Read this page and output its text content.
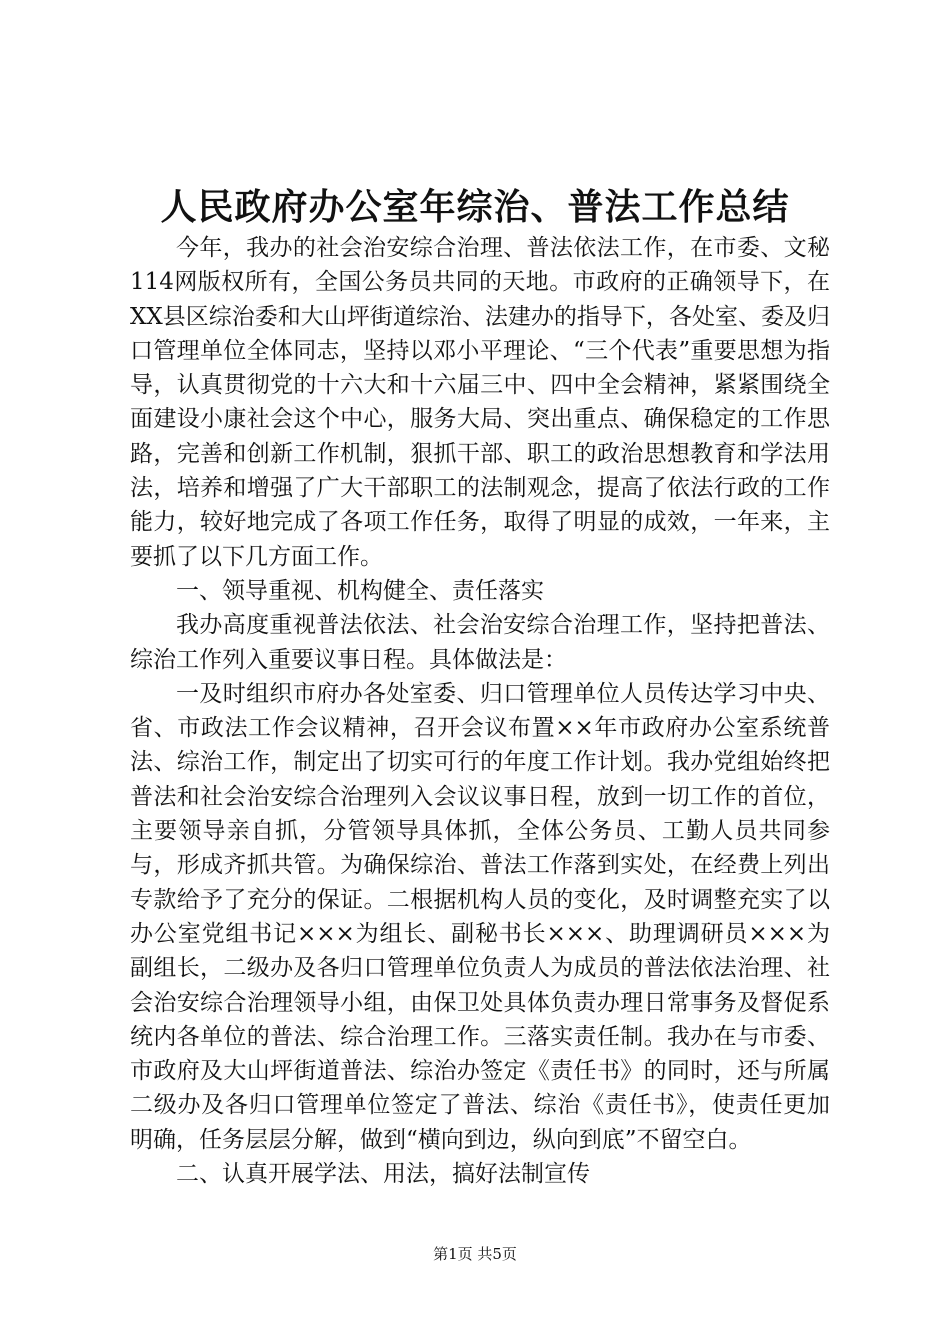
人民政府办公室年综治、普法工作总结

今年，我办的社会治安综合治理、普法依法工作，在市委、文秘114网版权所有，全国公务员共同的天地。市政府的正确领导下，在XX县区综治委和大山坪街道综治、法建办的指导下，各处室、委及归口管理单位全体同志，坚持以邓小平理论、“三个代表”重要思想为指导，认真贯彻党的十六大和十六届三中、四中全会精神，紧紧围绕全面建设小康社会这个中心，服务大局、突出重点、确保稳定的工作思路，完善和创新工作机制，狠抓干部、职工的政治思想教育和学法用法，培养和增强了广大干部职工的法制观念，提高了依法行政的工作能力，较好地完成了各项工作任务，取得了明显的成效，一年来，主要抓了以下几方面工作。

一、领导重视、机构健全、责任落实

我办高度重视普法依法、社会治安综合治理工作，坚持把普法、综治工作列入重要议事日程。具体做法是：

一及时组织市府办各处室委、归口管理单位人员传达学习中央、省、市政法工作会议精神，召开会议布置××年市政府办公室系统普法、综治工作，制定出了切实可行的年度工作计划。我办党组始终把普法和社会治安综合治理列入会议议事日程，放到一切工作的首位，主要领导亲自抓，分管领导具体抓，全体公务员、工勤人员共同参与，形成齐抓共管。为确保综治、普法工作落到实处，在经费上列出专款给予了充分的保证。二根据机构人员的变化，及时调整充实了以办公室党组书记×××为组长、副秘书长×××、助理调研员×××为副组长，二级办及各归口管理单位负责人为成员的普法依法治理、社会治安综合治理领导小组，由保卫处具体负责办理日常事务及督促系统内各单位的普法、综合治理工作。三落实责任制。我办在与市委、市政府及大山坪街道普法、综治办签定《责任书》的同时，还与所属二级办及各归口管理单位签定了普法、综治《责任书》，使责任更加明确，任务层层分解，做到“横向到边，纵向到底”不留空白。

二、认真开展学法、用法，搞好法制宣传

第1页 共5页
